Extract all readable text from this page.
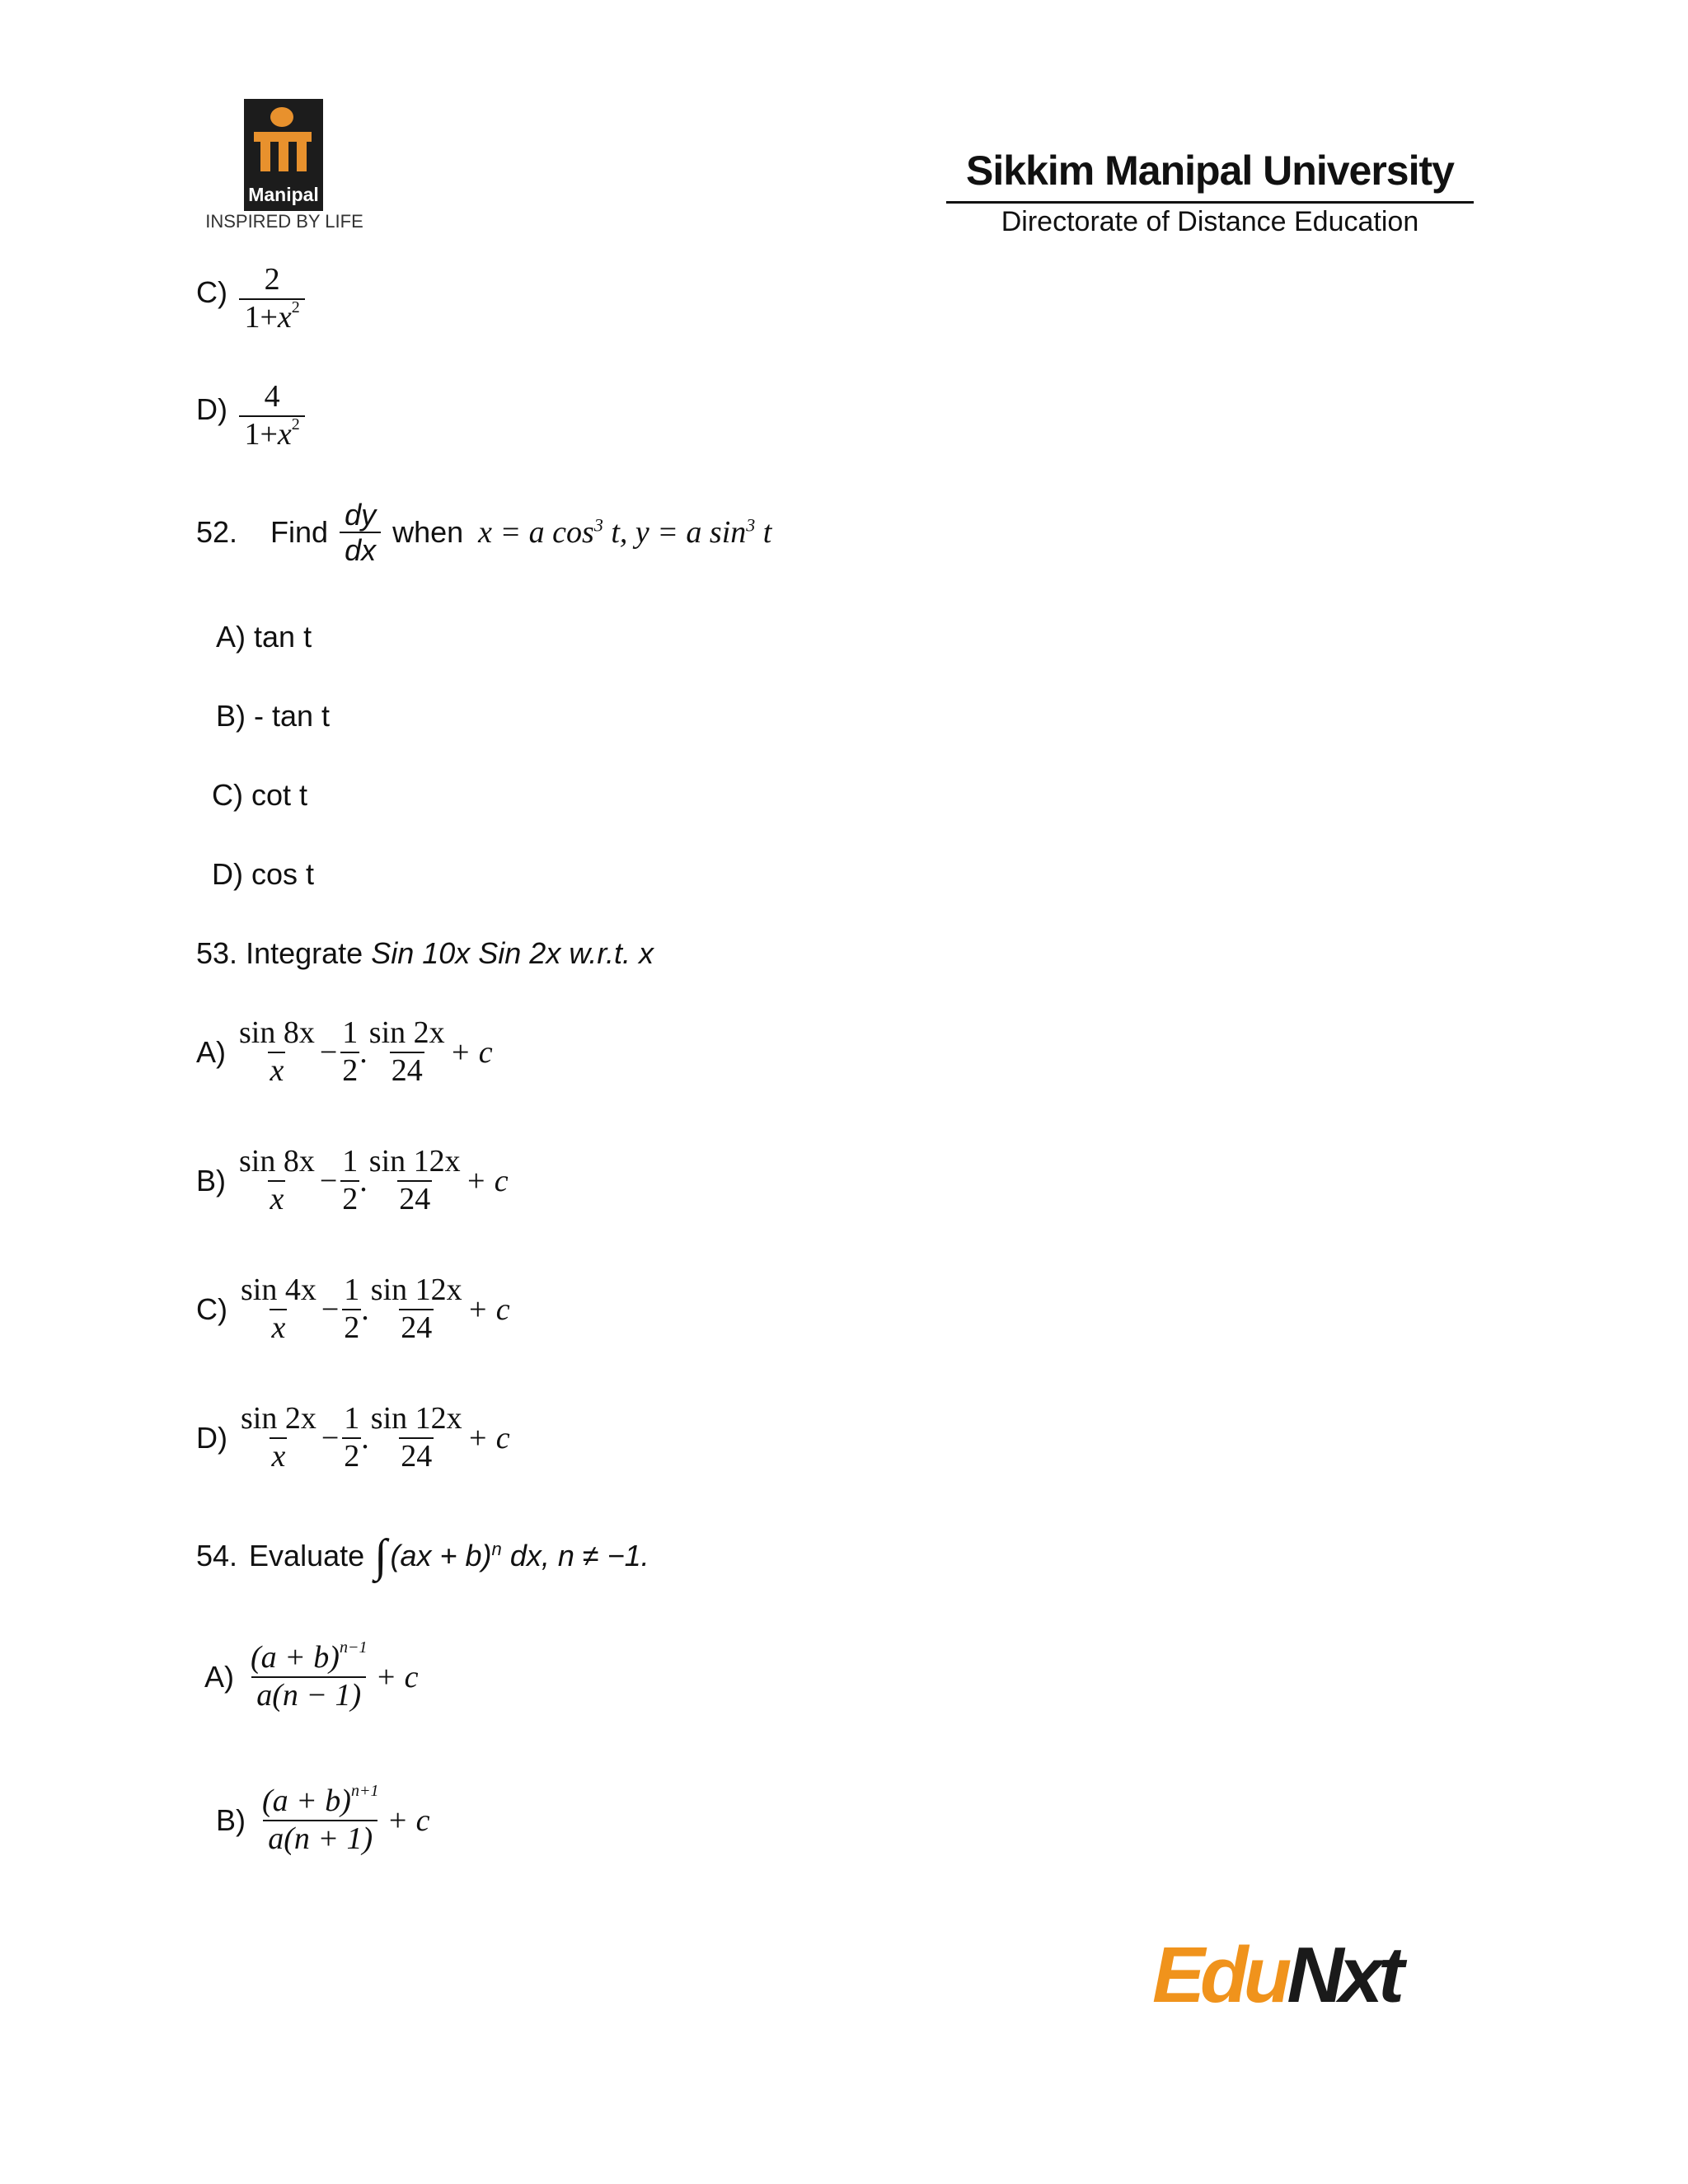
Manipal
INSPIRED BY LIFE
Sikkim Manipal University
Directorate of Distance Education
$C) \frac{2}{1+x^2}$
$D) \frac{4}{1+x^2}$
52. Find $\frac{dy}{dx}$ when x = a $\cos^3 t$, y = a $\sin^3 t$
A) tan t
B) - tan t
C) cot t
D) cos t
53. Integrate Sin 10x Sin 2x w.r.t. x
$A) \frac{\sin 8x}{x} - \frac{1}{2}$ . $\frac{\sin 2x}{24} + c$
$B) \frac{\sin 8x}{x} - \frac{1}{2}$ . $\frac{\sin 12x}{24} + c$
$C) \frac{\sin 4x}{x} - \frac{1}{2}$ . $\frac{\sin 12x}{24} + c$
$D) \frac{\sin 2x}{x} - \frac{1}{2}$ . $\frac{\sin 12x}{24} + c$
54. Evaluate ∫ (ax + b)$^n$ dx, n ≠ −1.
$A) \frac{(a + b)^{n-1}}{a(n - 1)} + c$
$B) \frac{(a + b)^{n+1}}{a(n + 1)} + c$
EduNxt
